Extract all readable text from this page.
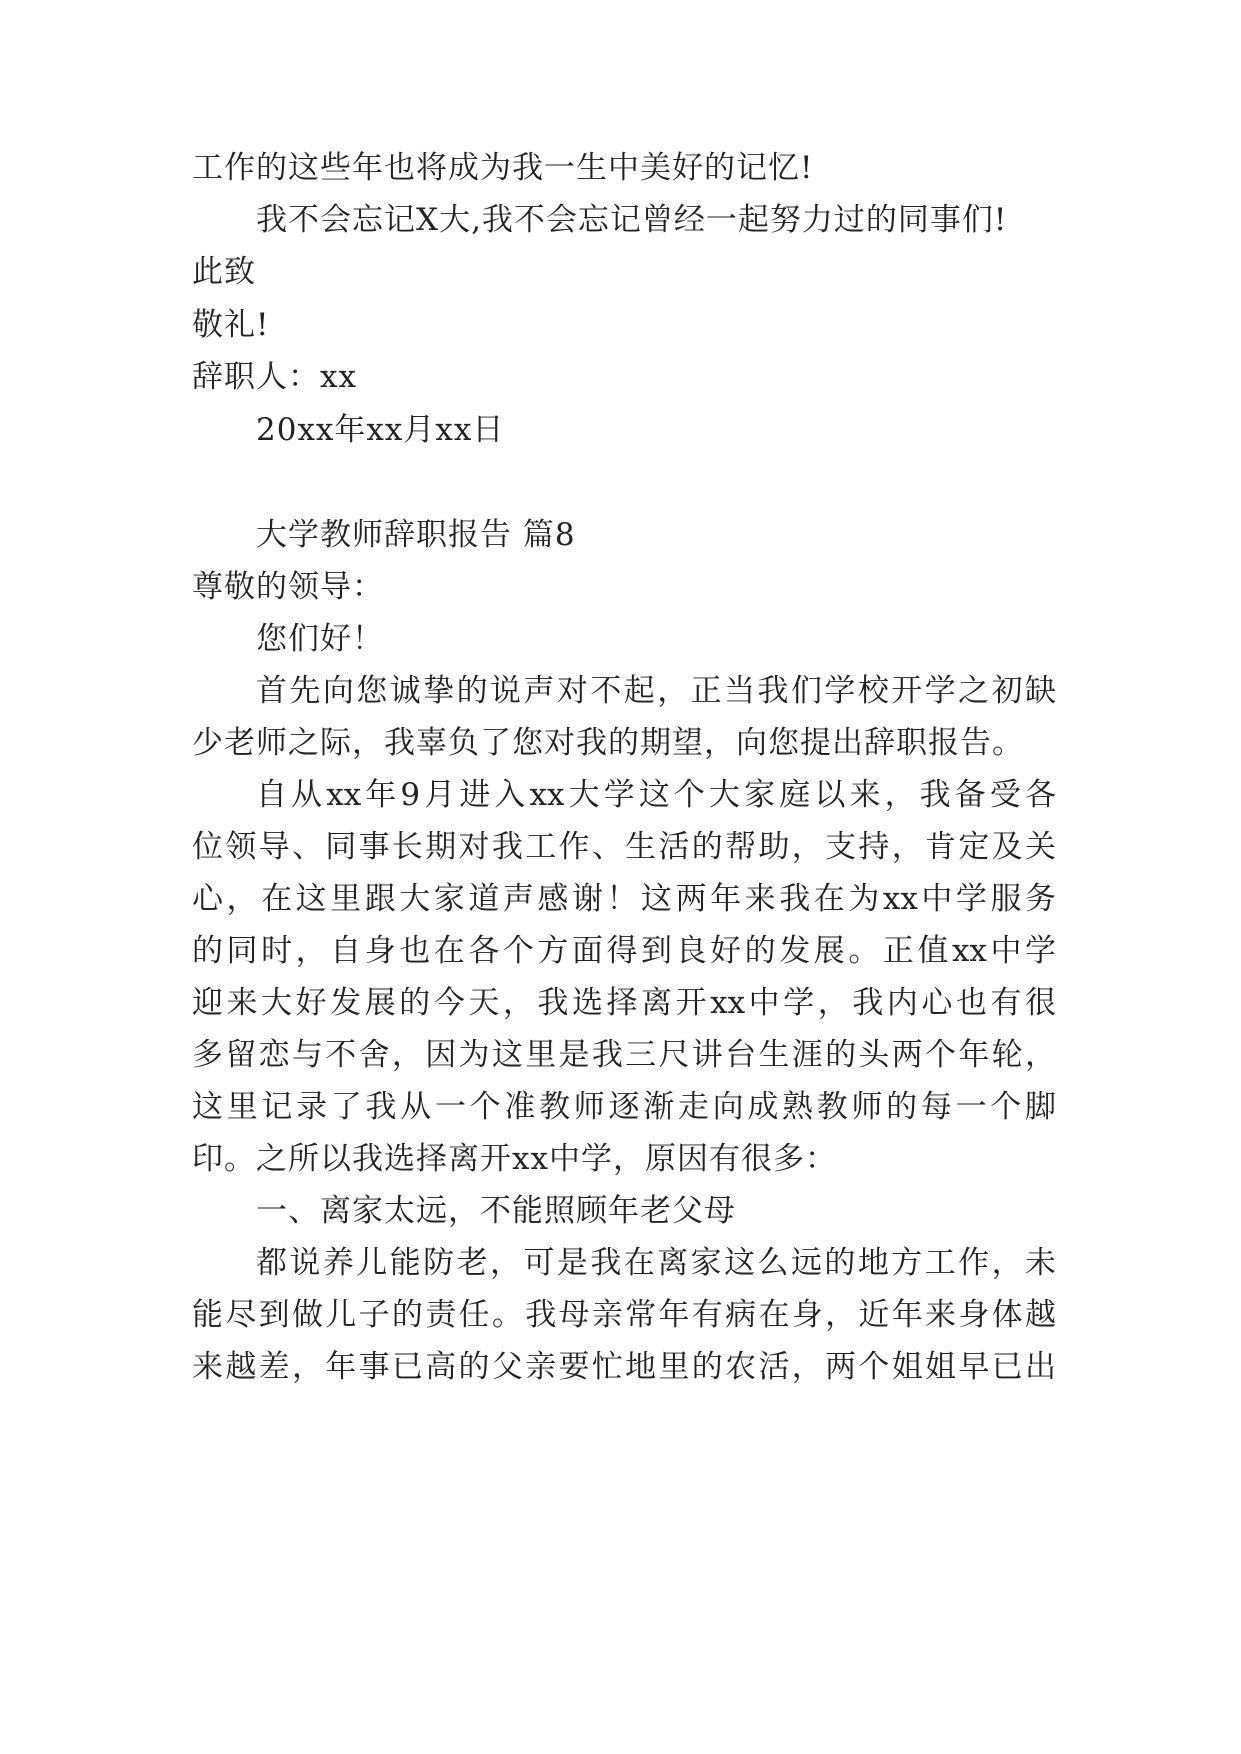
工作的这些年也将成为我一生中美好的记忆!
我不会忘记X大,我不会忘记曾经一起努力过的同事们!
此致
敬礼!
辞职人：xx
20xx年xx月xx日
大学教师辞职报告 篇8
尊敬的领导：
您们好！
首先向您诚挚的说声对不起，正当我们学校开学之初缺
少老师之际，我辜负了您对我的期望，向您提出辞职报告。
自从xx年9月进入xx大学这个大家庭以来，我备受各
位领导、同事长期对我工作、生活的帮助，支持，肯定及关
心，在这里跟大家道声感谢！这两年来我在为xx中学服务
的同时，自身也在各个方面得到良好的发展。正值xx中学
迎来大好发展的今天，我选择离开xx中学，我内心也有很
多留恋与不舍，因为这里是我三尺讲台生涯的头两个年轮，
这里记录了我从一个准教师逐渐走向成熟教师的每一个脚
印。之所以我选择离开xx中学，原因有很多：
一、离家太远，不能照顾年老父母
都说养儿能防老，可是我在离家这么远的地方工作，未
能尽到做儿子的责任。我母亲常年有病在身，近年来身体越
来越差，年事已高的父亲要忙地里的农活，两个姐姐早已出
